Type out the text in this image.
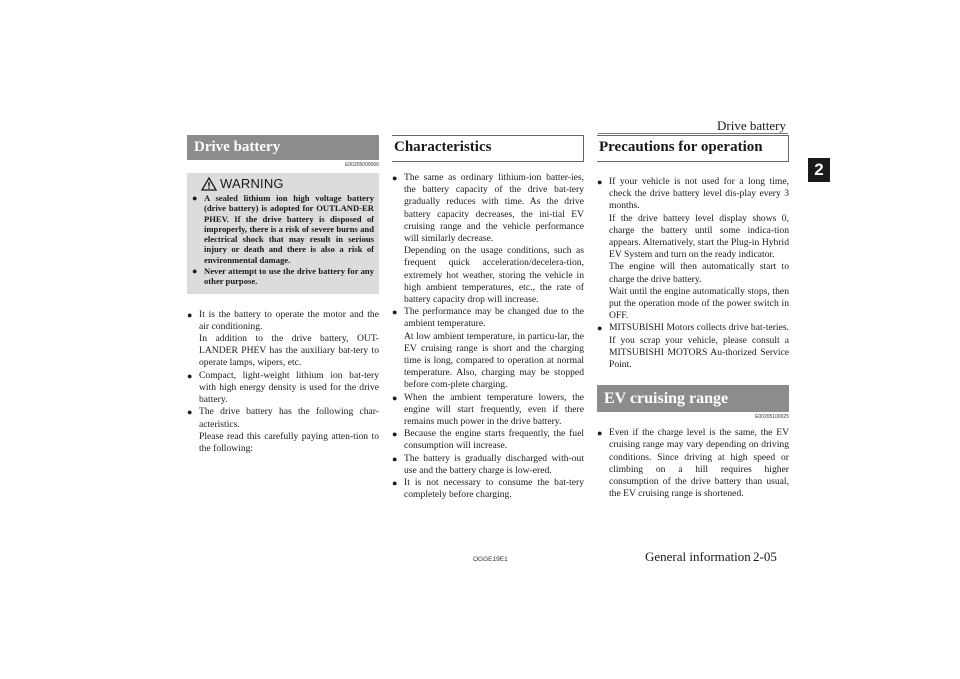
Drive battery
2
Drive battery
E00205000066
WARNING
● A sealed lithium ion high voltage battery (drive battery) is adopted for OUTLAND-ER PHEV. If the drive battery is disposed of improperly, there is a risk of severe burns and electrical shock that may result in serious injury or death and there is also a risk of environmental damage.
● Never attempt to use the drive battery for any other purpose.
● It is the battery to operate the motor and the air conditioning.
In addition to the drive battery, OUT-LANDER PHEV has the auxiliary bat-tery to operate lamps, wipers, etc.
● Compact, light-weight lithium ion bat-tery with high energy density is used for the drive battery.
● The drive battery has the following char-acteristics.
Please read this carefully paying atten-tion to the following:
Characteristics
● The same as ordinary lithium-ion batter-ies, the battery capacity of the drive bat-tery gradually reduces with time. As the drive battery capacity decreases, the ini-tial EV cruising range and the vehicle performance will similarly decrease.
Depending on the usage conditions, such as frequent quick acceleration/decelera-tion, extremely hot weather, storing the vehicle in high ambient temperatures, etc., the rate of battery capacity drop will increase.
● The performance may be changed due to the ambient temperature.
At low ambient temperature, in particu-lar, the EV cruising range is short and the charging time is long, compared to operation at normal temperature. Also, charging may be stopped before com-plete charging.
● When the ambient temperature lowers, the engine will start frequently, even if there remains much power in the drive battery.
● Because the engine starts frequently, the fuel consumption will increase.
● The battery is gradually discharged with-out use and the battery charge is low-ered.
● It is not necessary to consume the bat-tery completely before charging.
Precautions for operation
● If your vehicle is not used for a long time, check the drive battery level dis-play every 3 months.
If the drive battery level display shows 0, charge the battery until some indica-tion appears. Alternatively, start the Plug-in Hybrid EV System and turn on the ready indicator.
The engine will then automatically start to charge the drive battery.
Wait until the engine automatically stops, then put the operation mode of the power switch in OFF.
● MITSUBISHI Motors collects drive bat-teries. If you scrap your vehicle, please consult a MITSUBISHI MOTORS Au-thorized Service Point.
EV cruising range
E00205100025
● Even if the charge level is the same, the EV cruising range may vary depending on driving conditions. Since driving at high speed or climbing on a hill requires higher consumption of the drive battery than usual, the EV cruising range is shortened.
OGGE19E1	General information 2-05
